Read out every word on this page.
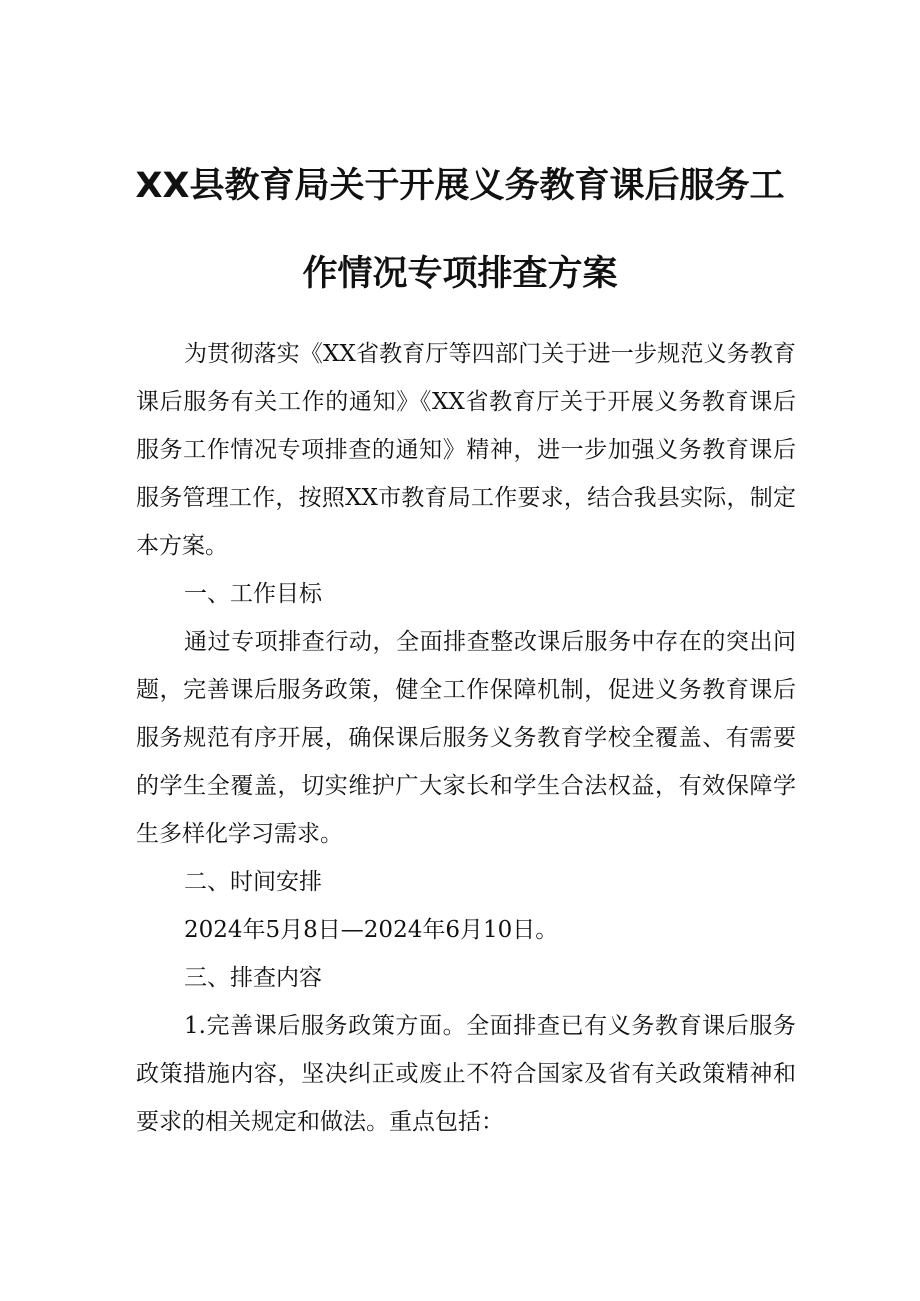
XX县教育局关于开展义务教育课后服务工
作情况专项排查方案

为贯彻落实《XX省教育厅等四部门关于进一步规范义务教育课后服务有关工作的通知》《XX省教育厅关于开展义务教育课后服务工作情况专项排查的通知》精神，进一步加强义务教育课后服务管理工作，按照XX市教育局工作要求，结合我县实际，制定本方案。

一、工作目标

通过专项排查行动，全面排查整改课后服务中存在的突出问题，完善课后服务政策，健全工作保障机制，促进义务教育课后服务规范有序开展，确保课后服务义务教育学校全覆盖、有需要的学生全覆盖，切实维护广大家长和学生合法权益，有效保障学生多样化学习需求。

二、时间安排

2024年5月8日—2024年6月10日。

三、排查内容

1.完善课后服务政策方面。全面排查已有义务教育课后服务政策措施内容，坚决纠正或废止不符合国家及省有关政策精神和要求的相关规定和做法。重点包括：
